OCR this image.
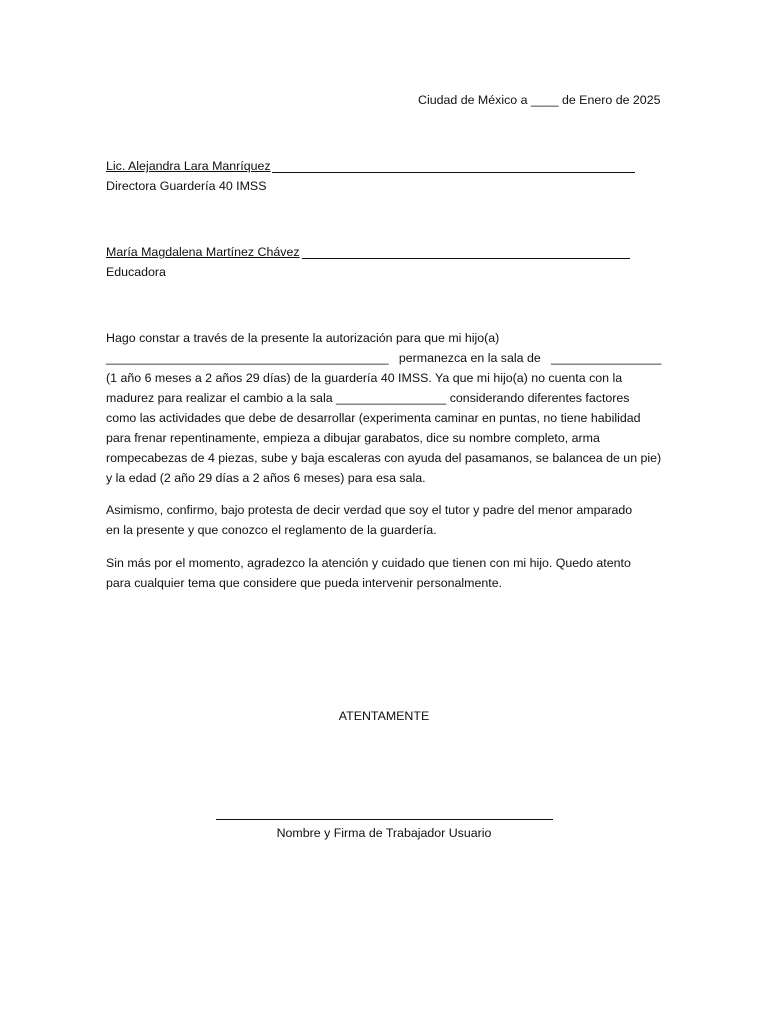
Ciudad de México a ____ de Enero de 2025
Lic. Alejandra Lara Manríquez
Directora Guardería 40 IMSS
María Magdalena Martínez Chávez
Educadora
Hago constar a través de la presente la autorización para que mi hijo(a)
_________________________________________   permanezca en la sala de   ________________
(1 año 6 meses a 2 años 29 días) de la guardería 40 IMSS. Ya que mi hijo(a) no cuenta con la
madurez para realizar el cambio a la sala ________________ considerando diferentes factores
como las actividades que debe de desarrollar (experimenta caminar en puntas, no tiene habilidad
para frenar repentinamente, empieza a dibujar garabatos, dice su nombre completo, arma
rompecabezas de 4 piezas, sube y baja escaleras con ayuda del pasamanos, se balancea de un pie)
y la edad (2 año 29 días a 2 años 6 meses) para esa sala.
Asimismo, confirmo, bajo protesta de decir verdad que soy el tutor y padre del menor amparado
en la presente y que conozco el reglamento de la guardería.
Sin más por el momento, agradezco la atención y cuidado que tienen con mi hijo. Quedo atento
para cualquier tema que considere que pueda intervenir personalmente.
ATENTAMENTE
Nombre y Firma de Trabajador Usuario
